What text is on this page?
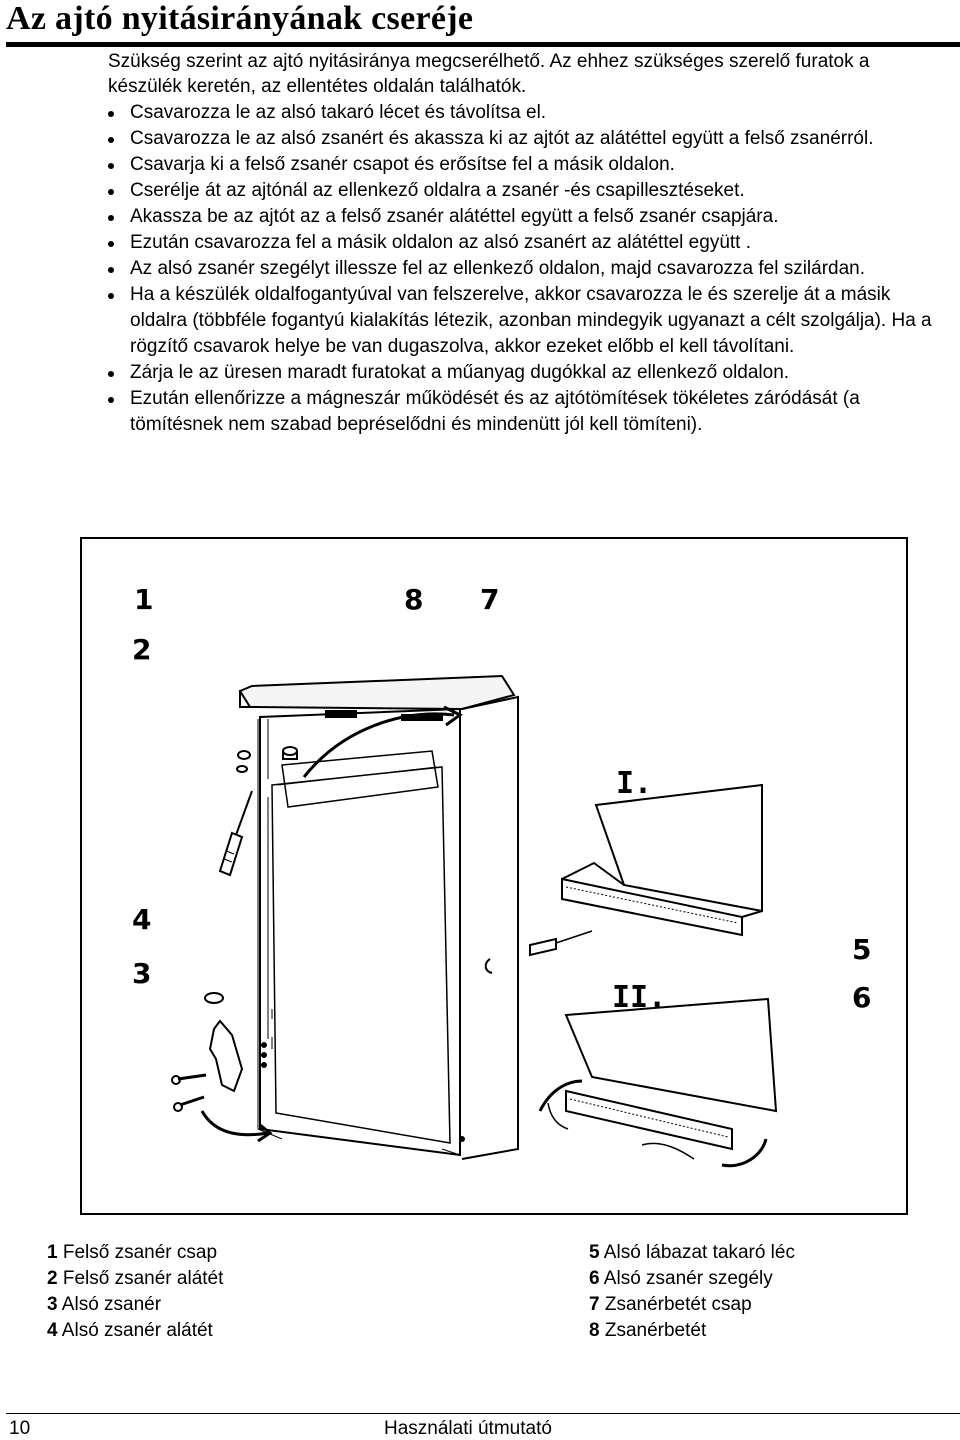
Az ajtó nyitásirányának cseréje
Szükség szerint az ajtó nyitásiránya megcserélhető. Az ehhez szükséges szerelő furatok a készülék keretén, az ellentétes oldalán találhatók.
Csavarozza le az alsó takaró lécet és távolítsa el.
Csavarozza le az alsó zsanért és akassza ki az ajtót az alátéttel együtt a felső zsanérról.
Csavarja ki a felső zsanér csapot és erősítse fel a másik oldalon.
Cserélje át az ajtónál az ellenkező oldalra a zsanér -és csapillesztéseket.
Akassza be az ajtót az a felső zsanér alátéttel együtt a felső zsanér csapjára.
Ezután csavarozza fel a másik oldalon az alsó zsanért az alátéttel együtt .
Az alsó zsanér szegélyt illessze fel az ellenkező oldalon, majd csavarozza fel szilárdan.
Ha a készülék oldalfogantyúval van felszerelve, akkor csavarozza le és szerelje át a másik oldalra (többféle fogantyú kialakítás létezik, azonban mindegyik ugyanazt a célt szolgálja). Ha a rögzítő csavarok helye be van dugaszolva, akkor ezeket előbb el kell távolítani.
Zárja le az üresen maradt furatokat a műanyag dugókkal az ellenkező oldalon.
Ezután ellenőrizze a mágneszár működését és az ajtótömítések tökéletes záródását (a tömítésnek nem szabad bepréselődni és mindenütt jól kell tömíteni).
1
2
8 7
4
3
5
6
I.
II.
1 Felső zsanér csap
2 Felső zsanér alátét
3 Alsó zsanér
4 Alsó zsanér alátét
5 Alsó lábazat takaró léc
6 Alsó zsanér szegély
7 Zsanérbetét csap
8 Zsanérbetét
10	Használati útmutató
